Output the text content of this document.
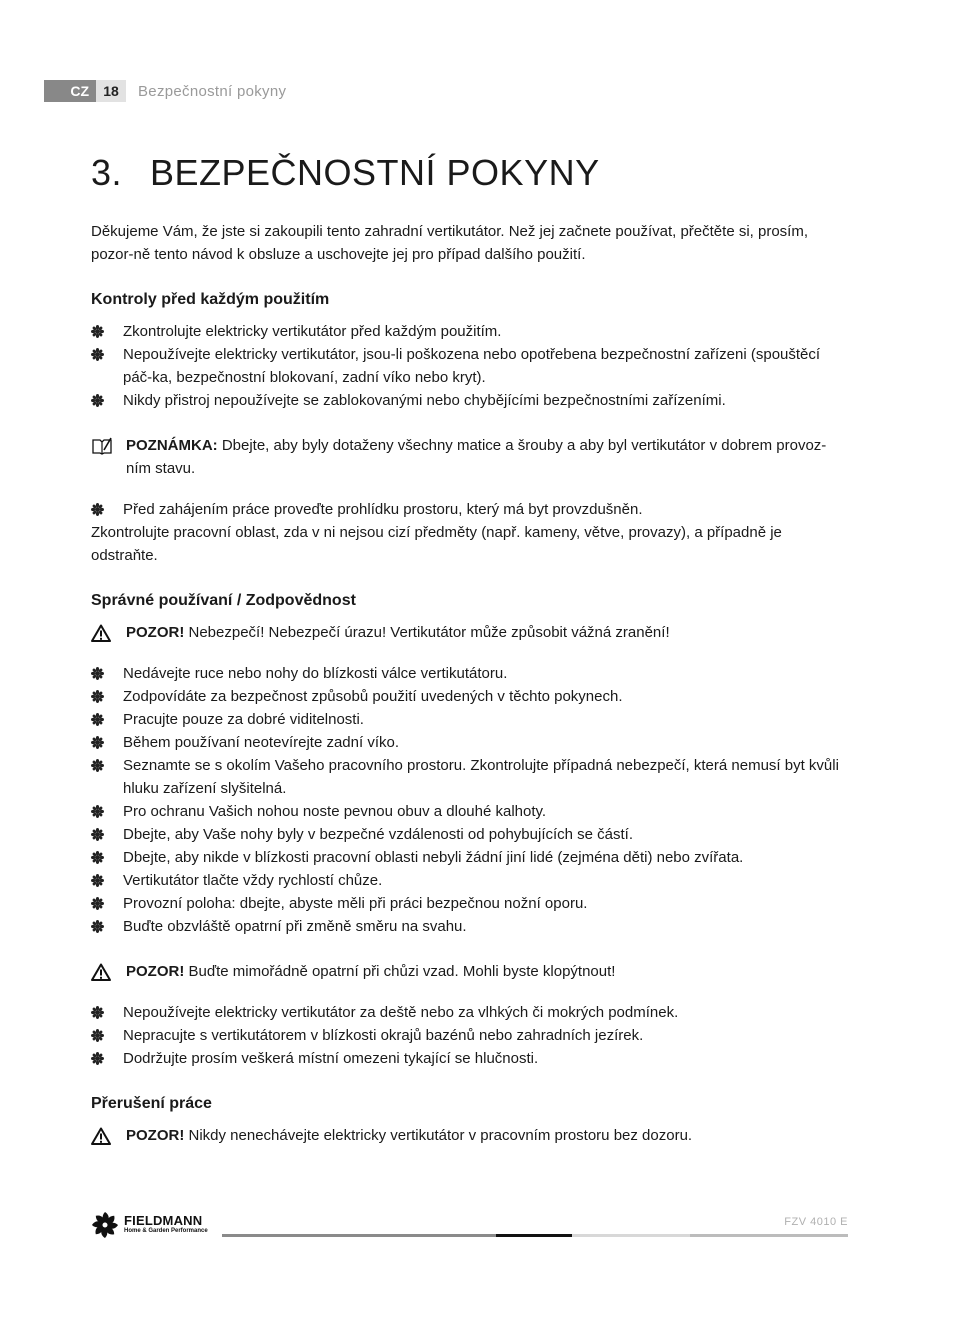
CZ	18	Bezpečnostní pokyny
3. BEZPEČNOSTNÍ POKYNY

Děkujeme Vám, že jste si zakoupili tento zahradní vertikutátor. Než jej začnete používat, přečtěte si, prosím, pozor-ně tento návod k obsluze a uschovejte jej pro případ dalšího použití.

Kontroly před každým použitím
Zkontrolujte elektricky vertikutátor před každým použitím.
Nepoužívejte elektricky vertikutátor, jsou-li poškozena nebo opotřebena bezpečnostní zařízeni (spouštěcí páč-ka, bezpečnostní blokovaní, zadní víko nebo kryt).
Nikdy přistroj nepoužívejte se zablokovanými nebo chybějícími bezpečnostními zařízeními.
POZNÁMKA: Dbejte, aby byly dotaženy všechny matice a šrouby a aby byl vertikutátor v dobrem provoz-ním stavu.
Před zahájením práce proveďte prohlídku prostoru, který má byt provzdušněn.

Zkontrolujte pracovní oblast, zda v ni nejsou cizí předměty (např. kameny, větve, provazy), a případně je odstraňte.

Správné používaní / Zodpovědnost
POZOR! Nebezpečí! Nebezpečí úrazu! Vertikutátor může způsobit vážná zranění!
Nedávejte ruce nebo nohy do blízkosti válce vertikutátoru.
Zodpovídáte za bezpečnost způsobů použití uvedených v těchto pokynech.
Pracujte pouze za dobré viditelnosti.
Během používaní neotevírejte zadní víko.
Seznamte se s okolím Vašeho pracovního prostoru. Zkontrolujte případná nebezpečí, která nemusí byt kvůli hluku zařízení slyšitelná.
Pro ochranu Vašich nohou noste pevnou obuv a dlouhé kalhoty.
Dbejte, aby Vaše nohy byly v bezpečné vzdálenosti od pohybujících se částí.
Dbejte, aby nikde v blízkosti pracovní oblasti nebyli žádní jiní lidé (zejména děti) nebo zvířata.
Vertikutátor tlačte vždy rychlostí chůze.
Provozní poloha: dbejte, abyste měli při práci bezpečnou nožní oporu.
Buďte obzvláště opatrní při změně směru na svahu.
POZOR! Buďte mimořádně opatrní při chůzi vzad. Mohli byste klopýtnout!
Nepoužívejte elektricky vertikutátor za deště nebo za vlhkých či mokrých podmínek.
Nepracujte s vertikutátorem v blízkosti okrajů bazénů nebo zahradních jezírek.
Dodržujte prosím veškerá místní omezeni tykající se hlučnosti.
Přerušení práce
POZOR! Nikdy nenechávejte elektricky vertikutátor v pracovním prostoru bez dozoru.
FIELDMANN
Home & Garden Performance
FZV 4010 E
